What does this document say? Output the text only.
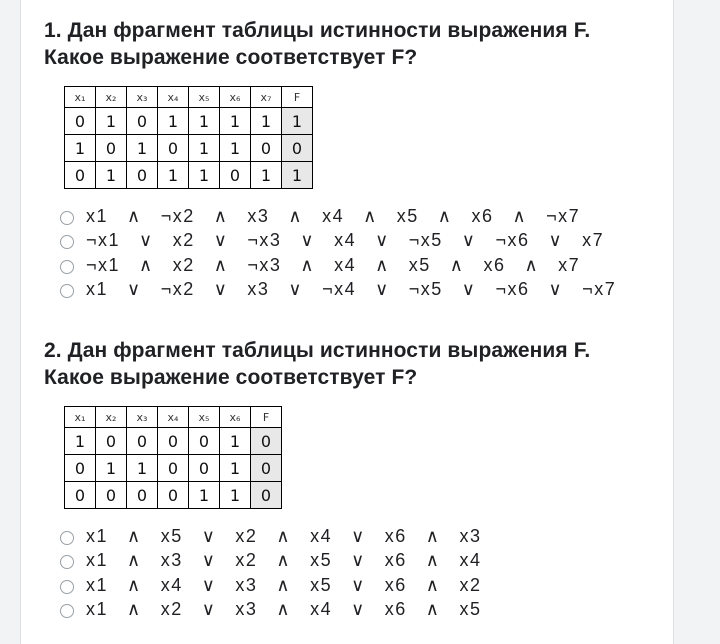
1. Дан фрагмент таблицы истинности выражения F.
Какое выражение соответствует F?

x₁	x₂	x₃	x₄	x₅	x₆	x₇	F
0	1	0	1	1	1	1	1
1	0	1	0	1	1	0	0
0	1	0	1	1	0	1	1
x1  ∧  ¬x2  ∧  x3  ∧  x4  ∧  x5  ∧  x6  ∧  ¬x7
¬x1  ∨  x2  ∨  ¬x3  ∨  x4  ∨  ¬x5  ∨  ¬x6  ∨  x7
¬x1  ∧  x2  ∧  ¬x3  ∧  x4  ∧  x5  ∧  x6  ∧  x7
x1  ∨  ¬x2  ∨  x3  ∨  ¬x4  ∨  ¬x5  ∨  ¬x6  ∨  ¬x7

2. Дан фрагмент таблицы истинности выражения F.
Какое выражение соответствует F?

x₁	x₂	x₃	x₄	x₅	x₆	F
1	0	0	0	0	1	0
0	1	1	0	0	1	0
0	0	0	0	1	1	0
x1  ∧  x5  ∨  x2  ∧  x4  ∨  x6  ∧  x3
x1  ∧  x3  ∨  x2  ∧  x5  ∨  x6  ∧  x4
x1  ∧  x4  ∨  x3  ∧  x5  ∨  x6  ∧  x2
x1  ∧  x2  ∨  x3  ∧  x4  ∨  x6  ∧  x5
